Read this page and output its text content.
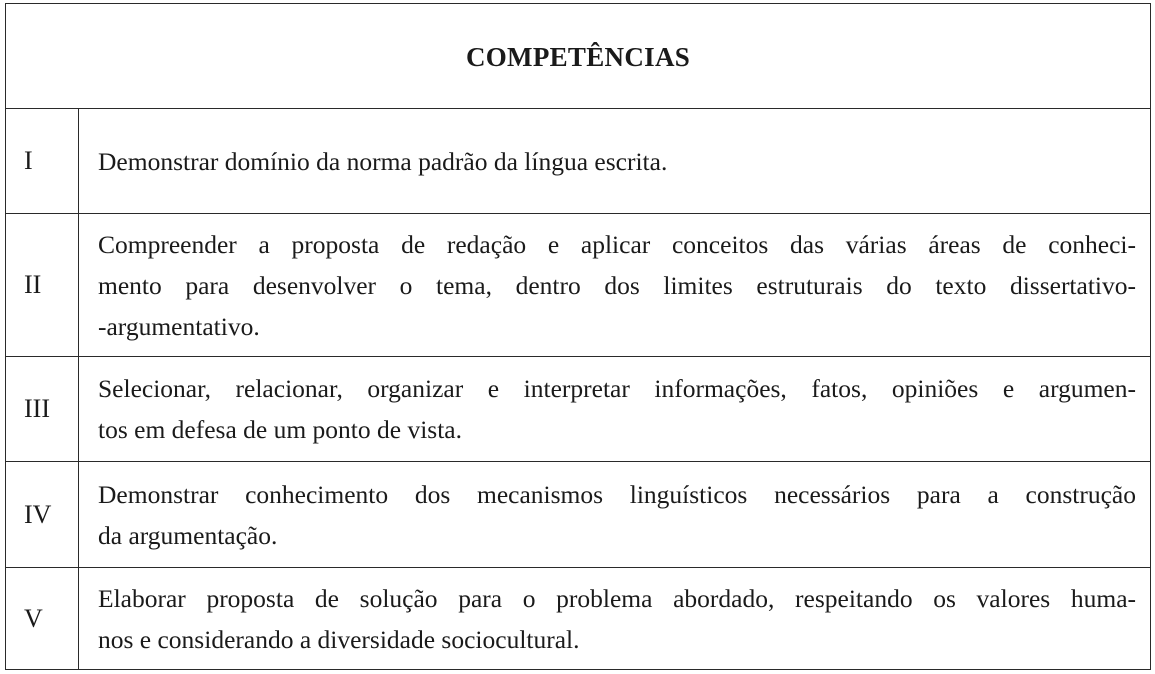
COMPETÊNCIAS
I	Demonstrar domínio da norma padrão da língua escrita.
II
Compreender a proposta de redação e aplicar conceitos das várias áreas de conheci-
mento para desenvolver o tema, dentro dos limites estruturais do texto dissertativo-
-argumentativo.
III
Selecionar, relacionar, organizar e interpretar informações, fatos, opiniões e argumen-
tos em defesa de um ponto de vista.
IV
Demonstrar conhecimento dos mecanismos linguísticos necessários para a construção
da argumentação.
V
Elaborar proposta de solução para o problema abordado, respeitando os valores huma-
nos e considerando a diversidade sociocultural.
